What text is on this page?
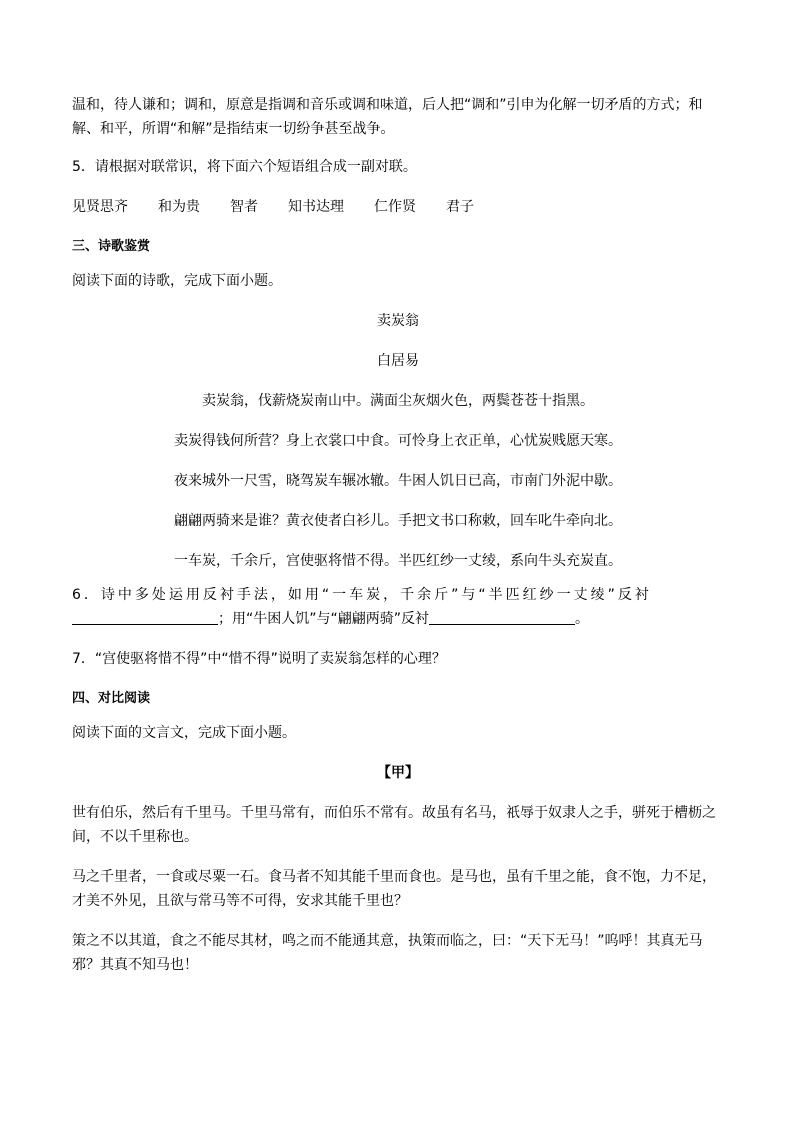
温和，待人谦和；调和，原意是指调和音乐或调和味道，后人把“调和”引申为化解一切矛盾的方式；和
解、和平，所谓“和解”是指结束一切纷争甚至战争。
5．请根据对联常识，将下面六个短语组合成一副对联。
见贤思齐 和为贵 智者 知书达理 仁作贤 君子
三、诗歌鉴赏
阅读下面的诗歌，完成下面小题。
卖炭翁
白居易
卖炭翁，伐薪烧炭南山中。满面尘灰烟火色，两鬓苍苍十指黑。
卖炭得钱何所营？身上衣裳口中食。可怜身上衣正单，心忧炭贱愿天寒。
夜来城外一尺雪，晓驾炭车辗冰辙。牛困人饥日已高，市南门外泥中歇。
翩翩两骑来是谁？黄衣使者白衫儿。手把文书口称敕，回车叱牛牵向北。
一车炭，千余斤，宫使驱将惜不得。半匹红纱一丈绫，系向牛头充炭直。
6．诗中多处运用反衬手法，如用“一车炭，千余斤”与“半匹红纱一丈绫”反衬
；用“牛困人饥”与“翩翩两骑”反衬	。
7．“宫使驱将惜不得”中“惜不得”说明了卖炭翁怎样的心理？
四、对比阅读
阅读下面的文言文，完成下面小题。
【甲】
世有伯乐，然后有千里马。千里马常有，而伯乐不常有。故虽有名马，祇辱于奴隶人之手，骈死于槽枥之
间，不以千里称也。
马之千里者，一食或尽粟一石。食马者不知其能千里而食也。是马也，虽有千里之能，食不饱，力不足，
才美不外见，且欲与常马等不可得，安求其能千里也？
策之不以其道，食之不能尽其材，鸣之而不能通其意，执策而临之，曰：“天下无马！”呜呼！其真无马
邪？其真不知马也！
